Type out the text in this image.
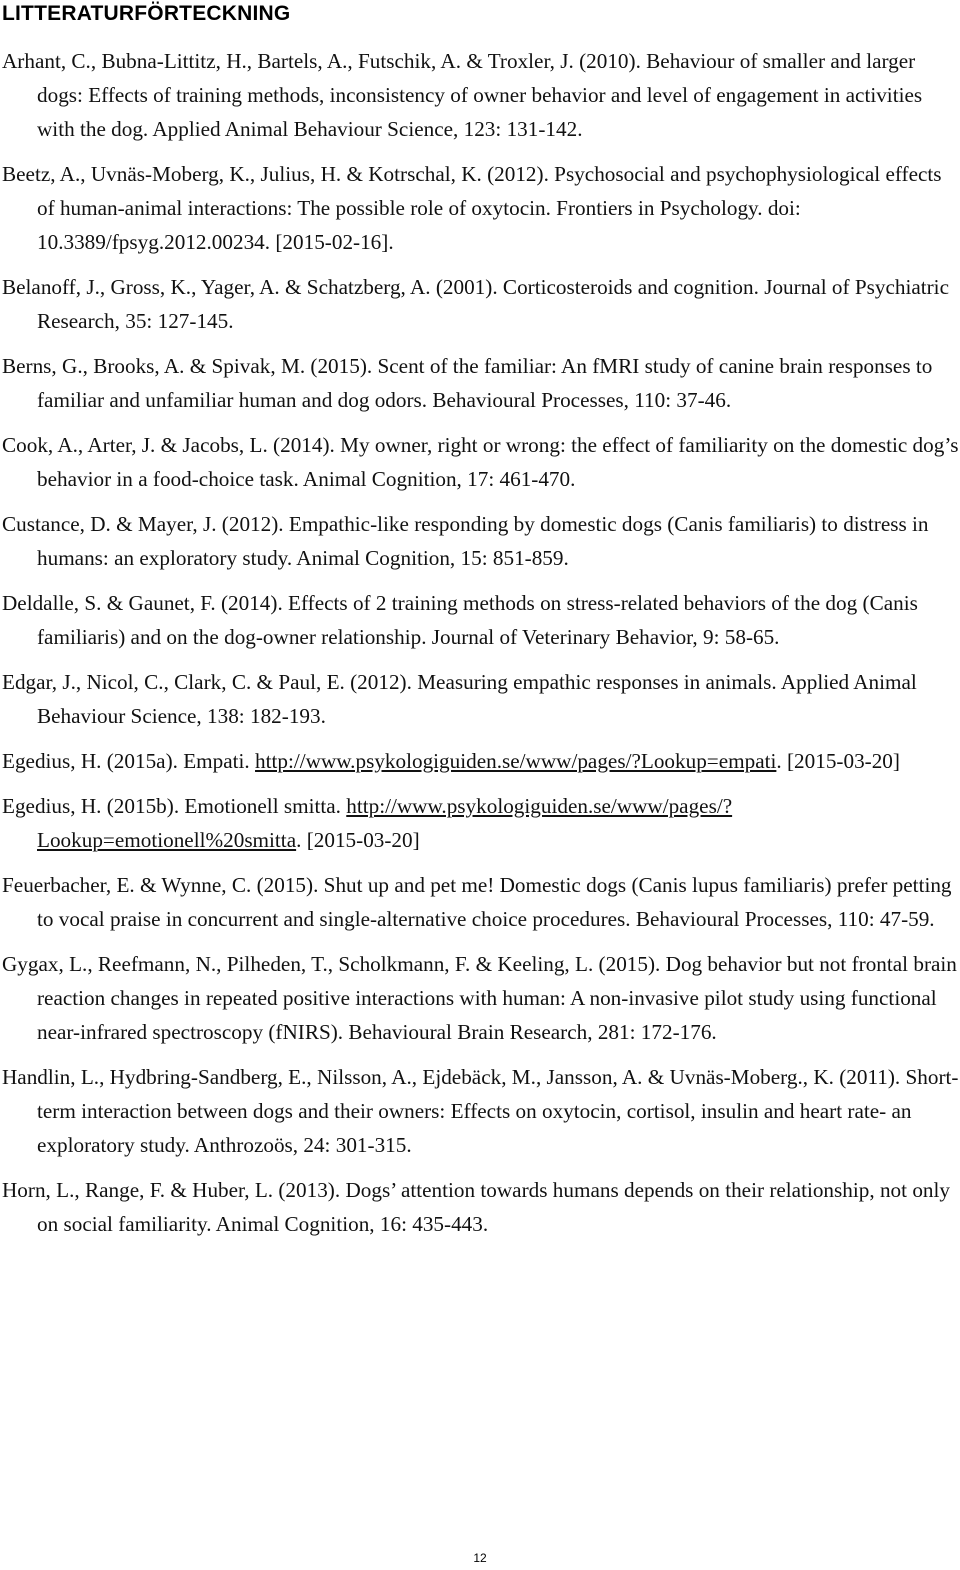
LITTERATURFÖRTECKNING
Arhant, C., Bubna-Littitz, H., Bartels, A., Futschik, A. & Troxler, J. (2010). Behaviour of smaller and larger dogs: Effects of training methods, inconsistency of owner behavior and level of engagement in activities with the dog. Applied Animal Behaviour Science, 123: 131-142.
Beetz, A., Uvnäs-Moberg, K., Julius, H. & Kotrschal, K. (2012). Psychosocial and psychophysiological effects of human-animal interactions: The possible role of oxytocin. Frontiers in Psychology. doi: 10.3389/fpsyg.2012.00234. [2015-02-16].
Belanoff, J., Gross, K., Yager, A. & Schatzberg, A. (2001). Corticosteroids and cognition. Journal of Psychiatric Research, 35: 127-145.
Berns, G., Brooks, A. & Spivak, M. (2015). Scent of the familiar: An fMRI study of canine brain responses to familiar and unfamiliar human and dog odors. Behavioural Processes, 110: 37-46.
Cook, A., Arter, J. & Jacobs, L. (2014). My owner, right or wrong: the effect of familiarity on the domestic dog’s behavior in a food-choice task. Animal Cognition, 17: 461-470.
Custance, D. & Mayer, J. (2012). Empathic-like responding by domestic dogs (Canis familiaris) to distress in humans: an exploratory study. Animal Cognition, 15: 851-859.
Deldalle, S. & Gaunet, F. (2014). Effects of 2 training methods on stress-related behaviors of the dog (Canis familiaris) and on the dog-owner relationship. Journal of Veterinary Behavior, 9: 58-65.
Edgar, J., Nicol, C., Clark, C. & Paul, E. (2012). Measuring empathic responses in animals. Applied Animal Behaviour Science, 138: 182-193.
Egedius, H. (2015a). Empati. http://www.psykologiguiden.se/www/pages/?Lookup=empati. [2015-03-20]
Egedius, H. (2015b). Emotionell smitta. http://www.psykologiguiden.se/www/pages/?Lookup=emotionell%20smitta. [2015-03-20]
Feuerbacher, E. & Wynne, C. (2015). Shut up and pet me! Domestic dogs (Canis lupus familiaris) prefer petting to vocal praise in concurrent and single-alternative choice procedures. Behavioural Processes, 110: 47-59.
Gygax, L., Reefmann, N., Pilheden, T., Scholkmann, F. & Keeling, L. (2015). Dog behavior but not frontal brain reaction changes in repeated positive interactions with human: A non-invasive pilot study using functional near-infrared spectroscopy (fNIRS). Behavioural Brain Research, 281: 172-176.
Handlin, L., Hydbring-Sandberg, E., Nilsson, A., Ejdebäck, M., Jansson, A. & Uvnäs-Moberg., K. (2011). Short-term interaction between dogs and their owners: Effects on oxytocin, cortisol, insulin and heart rate- an exploratory study. Anthrozoös, 24: 301-315.
Horn, L., Range, F. & Huber, L. (2013). Dogs’ attention towards humans depends on their relationship, not only on social familiarity. Animal Cognition, 16: 435-443.
12
